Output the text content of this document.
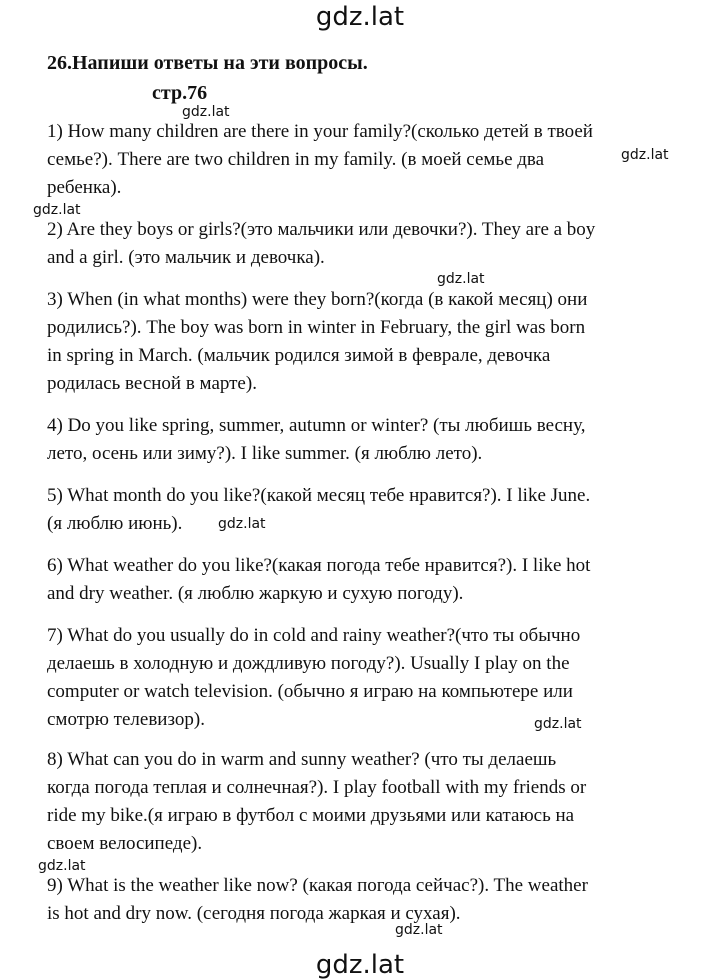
gdz.lat
26.Напиши ответы на эти вопросы.
стр.76
1) How many children are there in your family?(сколько детей в твоей
семье?). There are two children in my family. (в моей семье два
ребенка).
2) Are they boys or girls?(это мальчики или девочки?). They are a boy
and a girl. (это мальчик и девочка).
3) When (in what months) were they born?(когда (в какой месяц) они
родились?). The boy was born in winter in February, the girl was born
in spring in March. (мальчик родился зимой в феврале, девочка
родилась весной в марте).
4) Do you like spring, summer, autumn or winter? (ты любишь весну,
лето, осень или зиму?). I like summer. (я люблю лето).
5) What month do you like?(какой месяц тебе нравится?). I like June.
(я люблю июнь).
6) What weather do you like?(какая погода тебе нравится?). I like hot
and dry weather. (я люблю жаркую и сухую погоду).
7) What do you usually do in cold and rainy weather?(что ты обычно
делаешь в холодную и дождливую погоду?). Usually I play on the
computer or watch television. (обычно я играю на компьютере или
смотрю телевизор).
8) What can you do in warm and sunny weather? (что ты делаешь
когда погода теплая и солнечная?). I play football with my friends or
ride my bike.(я играю в футбол с моими друзьями или катаюсь на
своем велосипеде).
9) What is the weather like now? (какая погода сейчас?). The weather
is hot and dry now. (сегодня погода жаркая и сухая).
gdz.lat
gdz.lat
gdz.lat
gdz.lat
gdz.lat
gdz.lat
gdz.lat
gdz.lat
gdz.lat
